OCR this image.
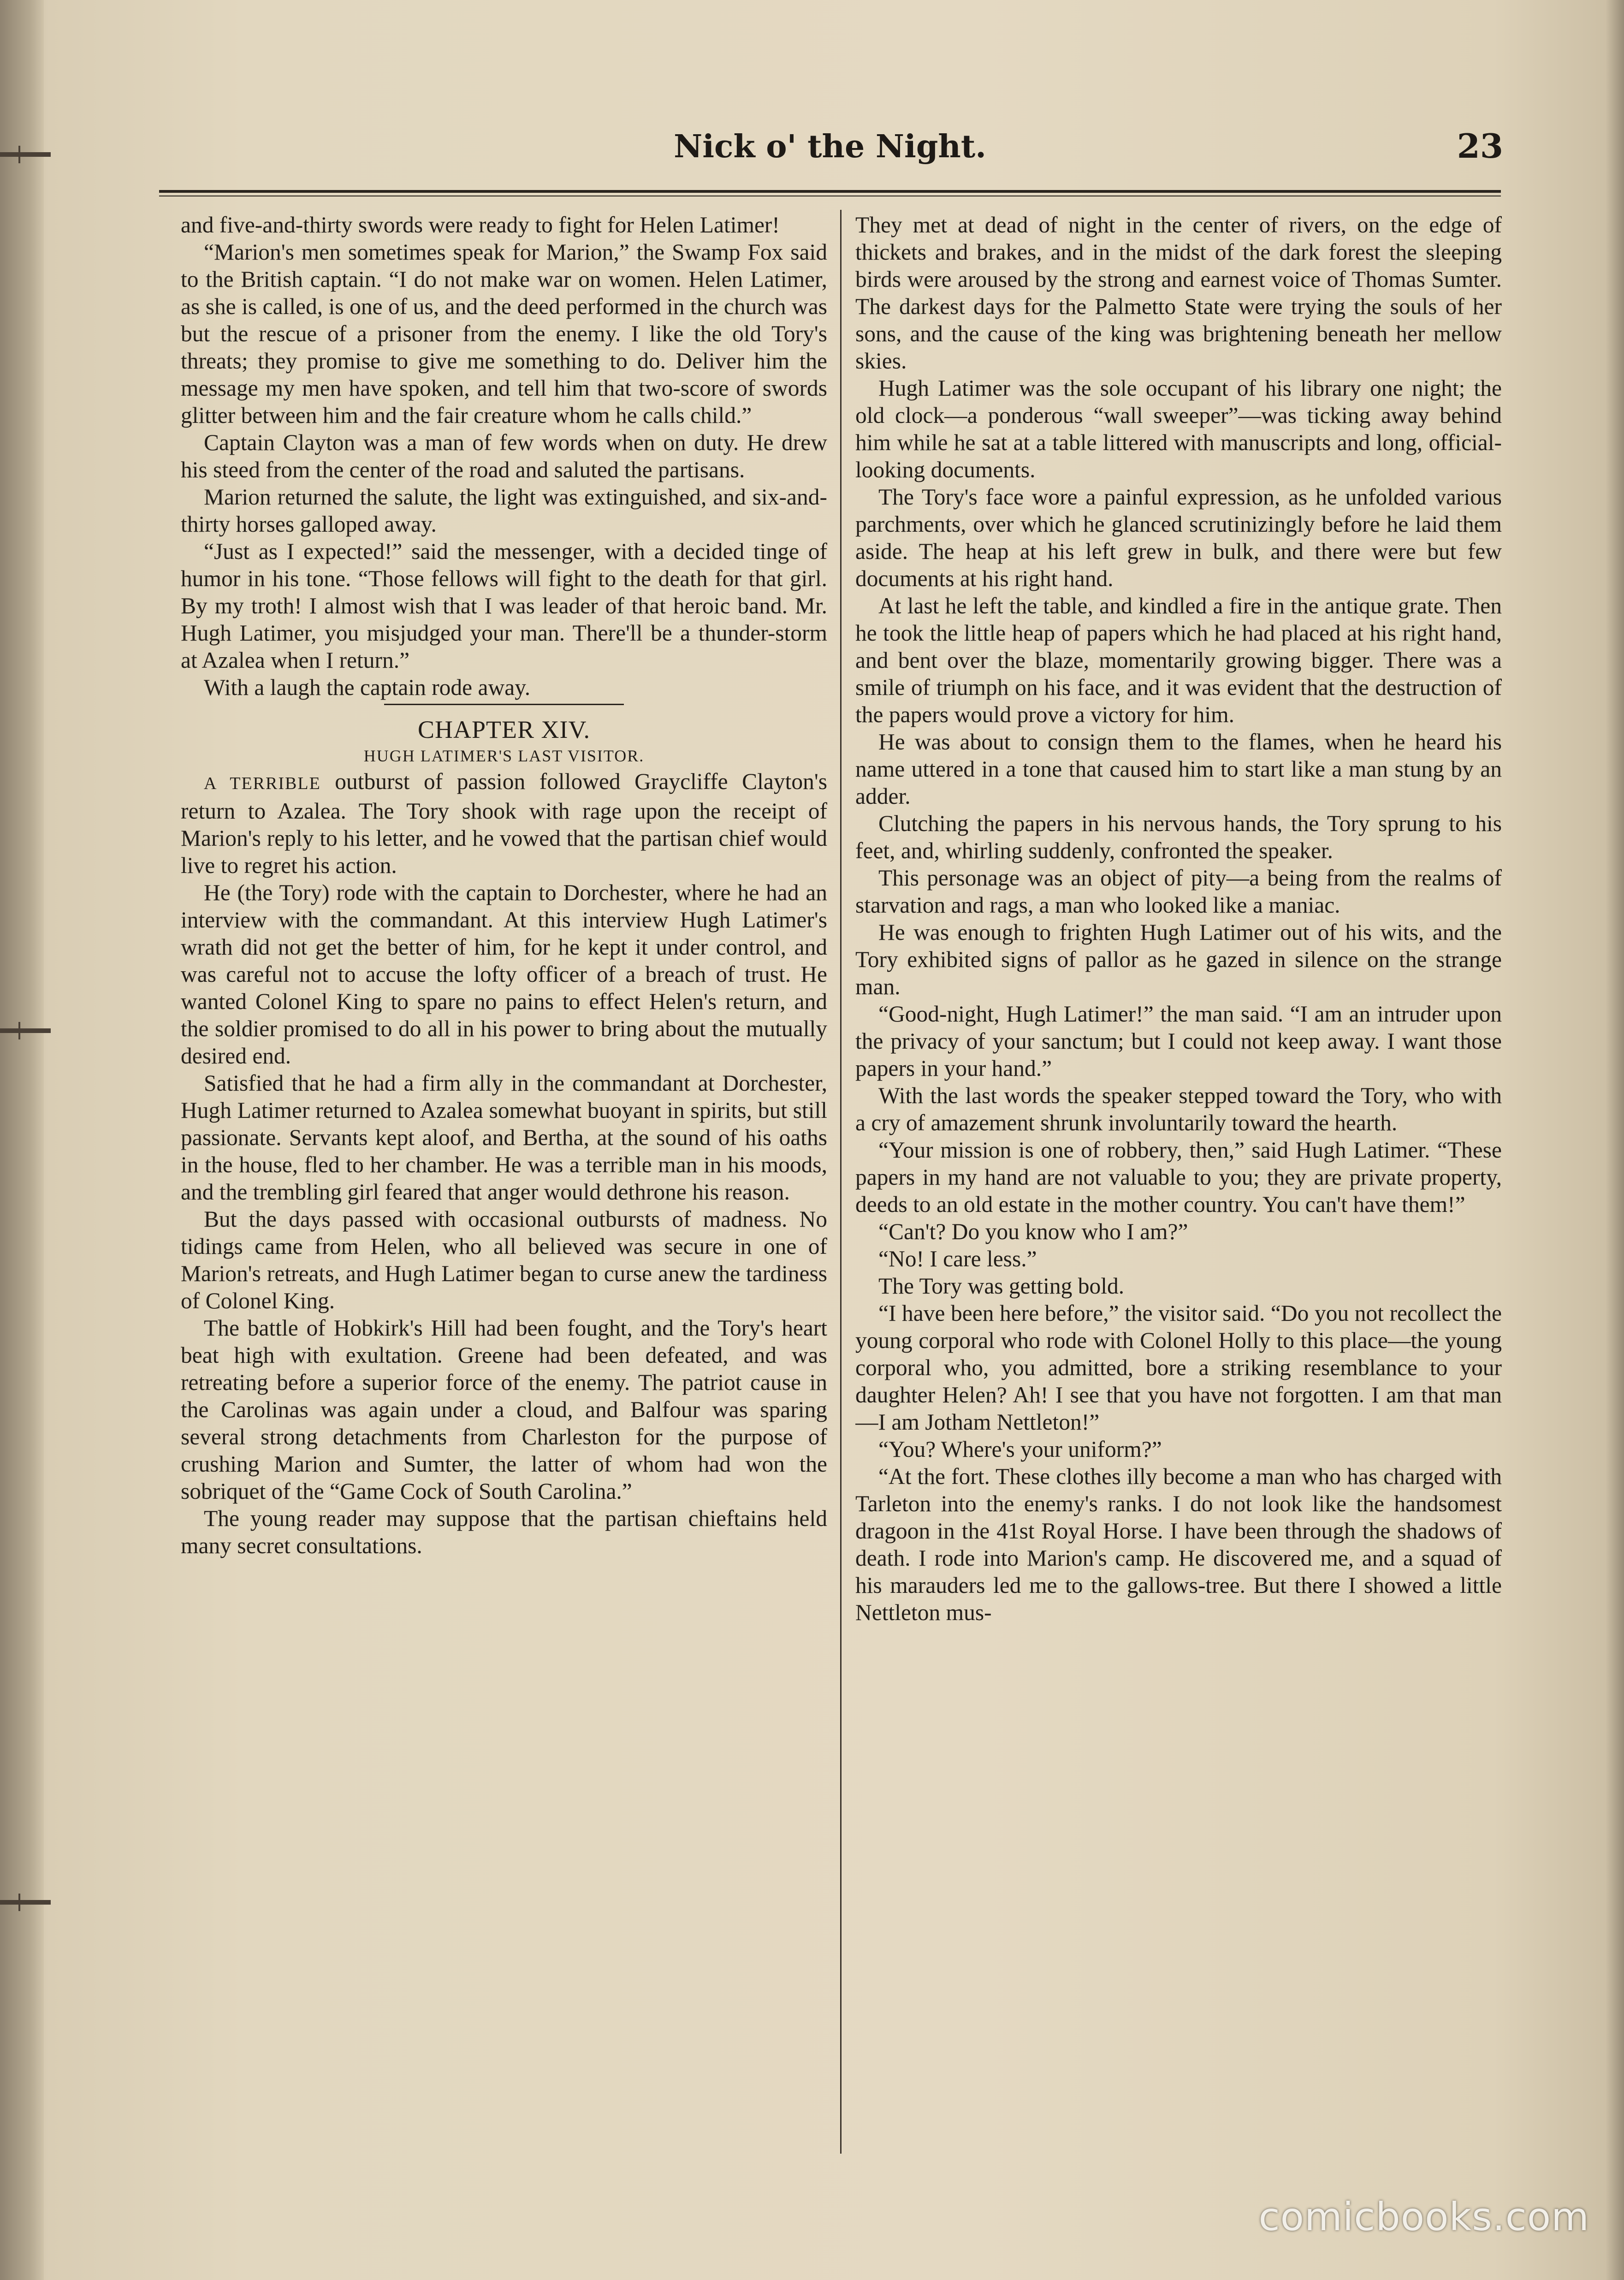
Nick o' the Night.	23

and five-and-thirty swords were ready to fight for Helen Latimer!

“Marion's men sometimes speak for Marion,” the Swamp Fox said to the British captain. “I do not make war on women. Helen Latimer, as she is called, is one of us, and the deed performed in the church was but the rescue of a prisoner from the enemy. I like the old Tory's threats; they promise to give me something to do. Deliver him the message my men have spoken, and tell him that two-score of swords glitter between him and the fair creature whom he calls child.”

Captain Clayton was a man of few words when on duty. He drew his steed from the center of the road and saluted the partisans.

Marion returned the salute, the light was extinguished, and six-and-thirty horses galloped away.

“Just as I expected!” said the messenger, with a decided tinge of humor in his tone. “Those fellows will fight to the death for that girl. By my troth! I almost wish that I was leader of that heroic band. Mr. Hugh Latimer, you misjudged your man. There'll be a thunder-storm at Azalea when I return.”

With a laugh the captain rode away.

CHAPTER XIV.
HUGH LATIMER'S LAST VISITOR.

A TERRIBLE outburst of passion followed Graycliffe Clayton's return to Azalea. The Tory shook with rage upon the receipt of Marion's reply to his letter, and he vowed that the partisan chief would live to regret his action.

He (the Tory) rode with the captain to Dorchester, where he had an interview with the commandant. At this interview Hugh Latimer's wrath did not get the better of him, for he kept it under control, and was careful not to accuse the lofty officer of a breach of trust. He wanted Colonel King to spare no pains to effect Helen's return, and the soldier promised to do all in his power to bring about the mutually desired end.

Satisfied that he had a firm ally in the commandant at Dorchester, Hugh Latimer returned to Azalea somewhat buoyant in spirits, but still passionate. Servants kept aloof, and Bertha, at the sound of his oaths in the house, fled to her chamber. He was a terrible man in his moods, and the trembling girl feared that anger would dethrone his reason.

But the days passed with occasional outbursts of madness. No tidings came from Helen, who all believed was secure in one of Marion's retreats, and Hugh Latimer began to curse anew the tardiness of Colonel King.

The battle of Hobkirk's Hill had been fought, and the Tory's heart beat high with exultation. Greene had been defeated, and was retreating before a superior force of the enemy. The patriot cause in the Carolinas was again under a cloud, and Balfour was sparing several strong detachments from Charleston for the purpose of crushing Marion and Sumter, the latter of whom had won the sobriquet of the “Game Cock of South Carolina.”

The young reader may suppose that the partisan chieftains held many secret consultations.

They met at dead of night in the center of rivers, on the edge of thickets and brakes, and in the midst of the dark forest the sleeping birds were aroused by the strong and earnest voice of Thomas Sumter. The darkest days for the Palmetto State were trying the souls of her sons, and the cause of the king was brightening beneath her mellow skies.

Hugh Latimer was the sole occupant of his library one night; the old clock—a ponderous “wall sweeper”—was ticking away behind him while he sat at a table littered with manuscripts and long, official-looking documents.

The Tory's face wore a painful expression, as he unfolded various parchments, over which he glanced scrutinizingly before he laid them aside. The heap at his left grew in bulk, and there were but few documents at his right hand.

At last he left the table, and kindled a fire in the antique grate. Then he took the little heap of papers which he had placed at his right hand, and bent over the blaze, momentarily growing bigger. There was a smile of triumph on his face, and it was evident that the destruction of the papers would prove a victory for him.

He was about to consign them to the flames, when he heard his name uttered in a tone that caused him to start like a man stung by an adder.

Clutching the papers in his nervous hands, the Tory sprung to his feet, and, whirling suddenly, confronted the speaker.

This personage was an object of pity—a being from the realms of starvation and rags, a man who looked like a maniac.

He was enough to frighten Hugh Latimer out of his wits, and the Tory exhibited signs of pallor as he gazed in silence on the strange man.

“Good-night, Hugh Latimer!” the man said. “I am an intruder upon the privacy of your sanctum; but I could not keep away. I want those papers in your hand.”

With the last words the speaker stepped toward the Tory, who with a cry of amazement shrunk involuntarily toward the hearth.

“Your mission is one of robbery, then,” said Hugh Latimer. “These papers in my hand are not valuable to you; they are private property, deeds to an old estate in the mother country. You can't have them!”

“Can't? Do you know who I am?”

“No! I care less.”

The Tory was getting bold.

“I have been here before,” the visitor said. “Do you not recollect the young corporal who rode with Colonel Holly to this place—the young corporal who, you admitted, bore a striking resemblance to your daughter Helen? Ah! I see that you have not forgotten. I am that man—I am Jotham Nettleton!”

“You? Where's your uniform?”

“At the fort. These clothes illy become a man who has charged with Tarleton into the enemy's ranks. I do not look like the handsomest dragoon in the 41st Royal Horse. I have been through the shadows of death. I rode into Marion's camp. He discovered me, and a squad of his marauders led me to the gallows-tree. But there I showed a little Nettleton mus-

comicbooks.com
